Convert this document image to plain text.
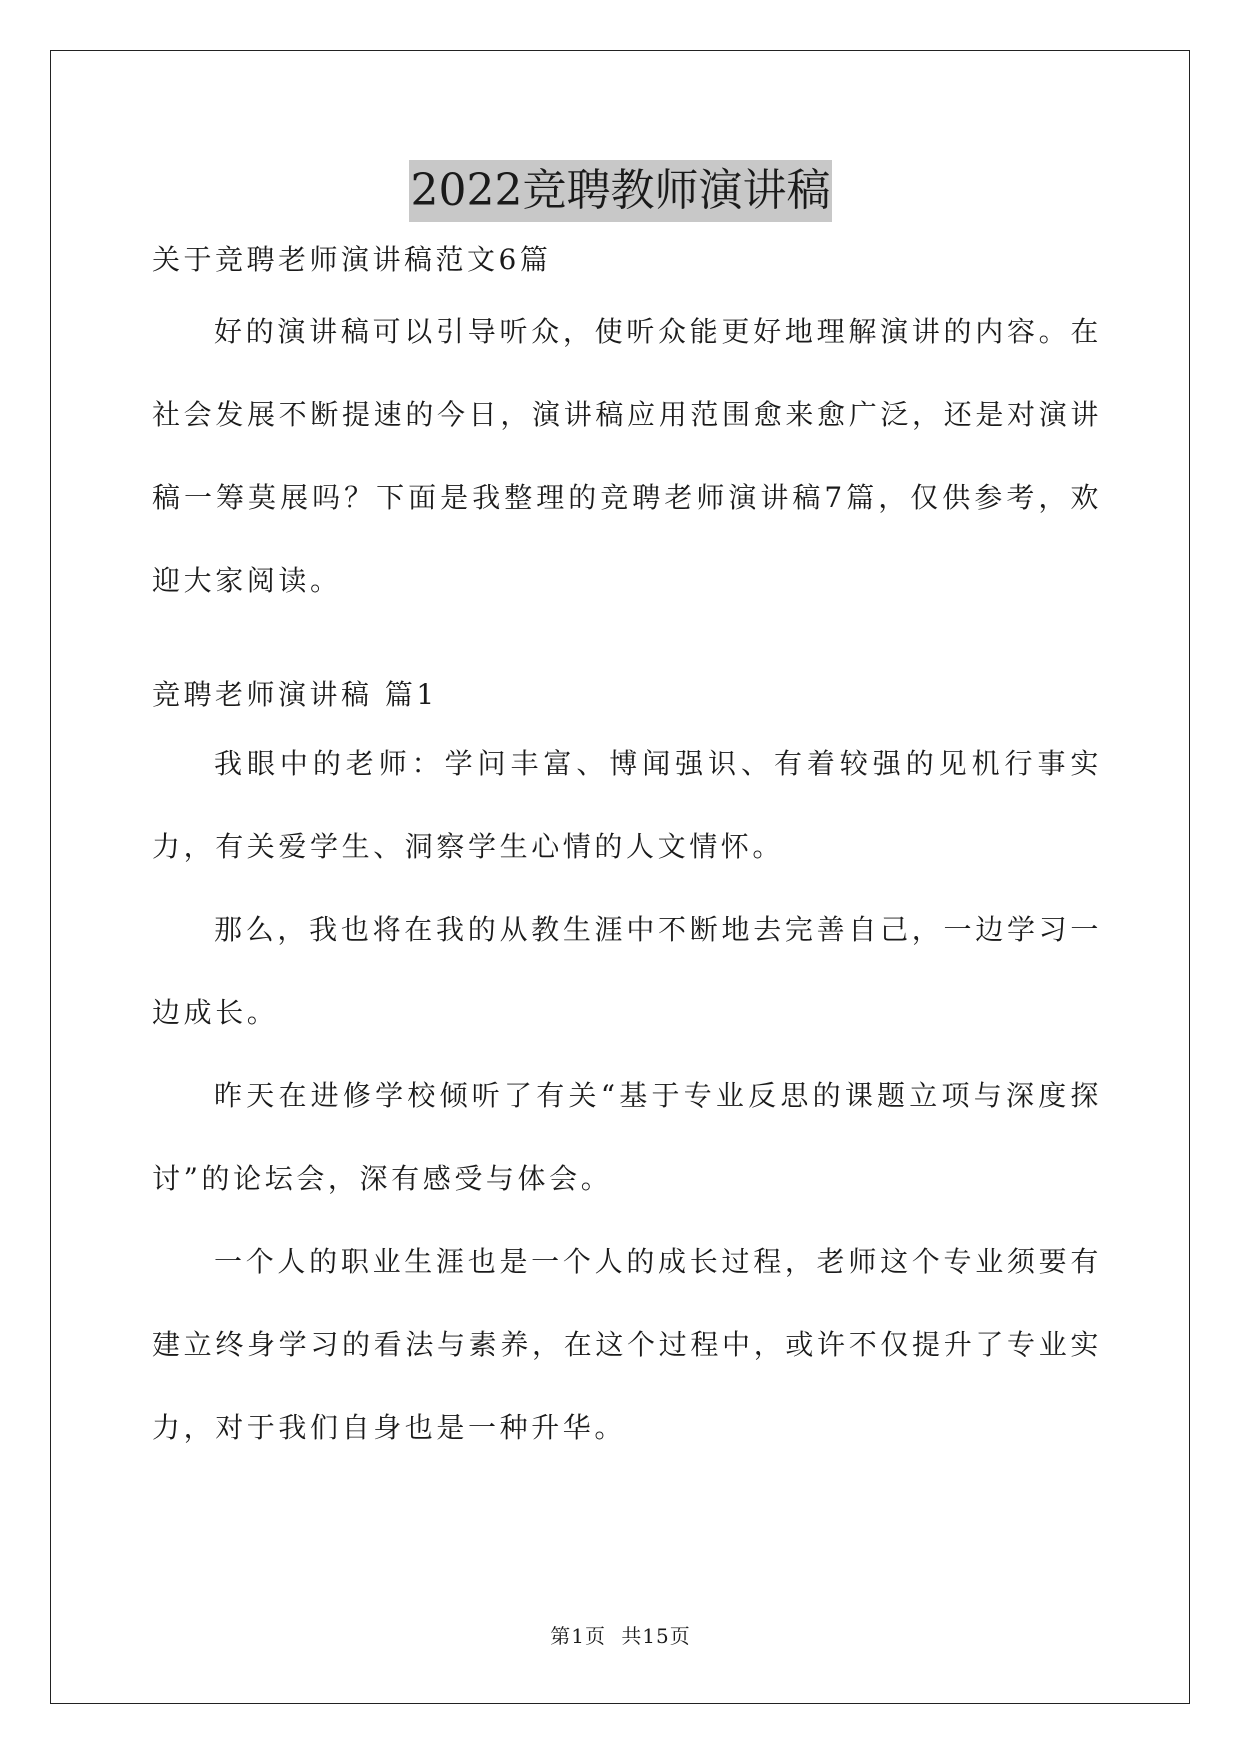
2022竞聘教师演讲稿
关于竞聘老师演讲稿范文6篇

好的演讲稿可以引导听众，使听众能更好地理解演讲的内容。在社会发展不断提速的今日，演讲稿应用范围愈来愈广泛，还是对演讲稿一筹莫展吗？下面是我整理的竞聘老师演讲稿7篇，仅供参考，欢迎大家阅读。

竞聘老师演讲稿 篇1

我眼中的老师：学问丰富、博闻强识、有着较强的见机行事实力，有关爱学生、洞察学生心情的人文情怀。

那么，我也将在我的从教生涯中不断地去完善自己，一边学习一边成长。

昨天在进修学校倾听了有关“基于专业反思的课题立项与深度探讨”的论坛会，深有感受与体会。

一个人的职业生涯也是一个人的成长过程，老师这个专业须要有建立终身学习的看法与素养，在这个过程中，或许不仅提升了专业实力，对于我们自身也是一种升华。

第1页 共15页
